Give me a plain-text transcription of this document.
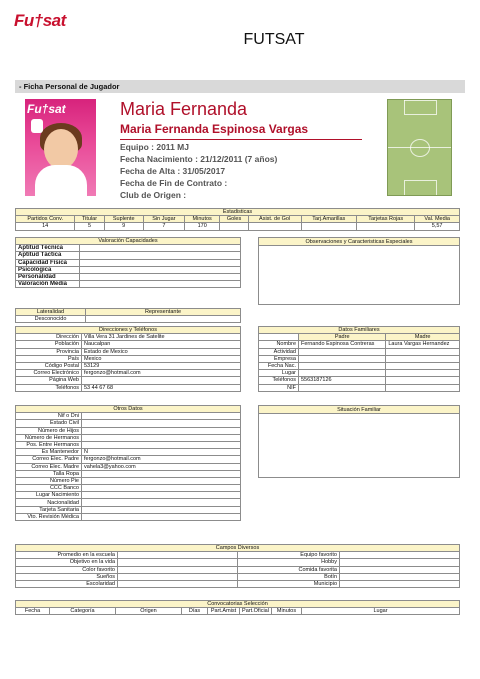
Fu†sat
FUTSAT
- Ficha Personal de Jugador
Fu†sat	Maria Fernanda
Maria Fernanda Espinosa Vargas
Equipo : 2011 MJ
Fecha Nacimiento : 21/12/2011 (7 años)
Fecha de Alta : 31/05/2017
Fecha de Fin de Contrato :
Club de Origen :
Estadisticas									
Partidos Conv.	Titular	Suplente	Sin Jugar	Minutos	Goles	Asist. de Gol	Tarj.Amarillas	Tarjetas Rojas	Val. Media
14	5	9	7	170					5,57
Valoración Capacidades	
Aptitud Técnica	
Aptitud Táctica	
Capacidad Física	
Psicológica	
Personalidad	
Valoración Media	
Observaciones y Caracteristicas Especiales
Lateralidad	Representante
Desconocido	
Direcciones y Teléfonos	
Dirección	Villa Vera 31 Jardines de Satelite
Población	Naucalpan
Provincia	Estado de Mexico
País	Mexico
Código Postal	53129
Correo Electrónico	fergonzo@hotmail.com
Página Web	
Teléfonos	53 44 67 68
Datos Familiares		
	Padre	Madre
Nombre	Fernando Espinosa Contreras	Laura Vargas Hernandez
Actividad		
Empresa		
Fecha Nac.		
Lugar		
Teléfonos	5563187126	
NIF		
Otros Datos	
Nif o Dni	
Estado Civil	
Número de Hijos	
Número de Hermanos	
Pos. Entre Hermanos	
Es Mantenedor	N
Correo Elec. Padre	fergonzo@hotmail.com
Correo Elec. Madre	vahela3@yahoo.com
Talla Ropa	
Número Pie	
CCC Banco	
Lugar Nacimiento	
Nacionalidad	
Tarjeta Sanitaria	
Vto. Revisión Médica	
Situación Familiar
Campos Diversos			
Promedio en la escuela		Equipo favorito	
Objetivo en la vida		Hobby	
Color favorito		Comida favorita	
Sueños		Botín	
Escolaridad		Municipio	
Convocatorias Selección
Fecha	Categoría	Origen	Días	Part.Amist	Part.Oficial	Minutos	Lugar
